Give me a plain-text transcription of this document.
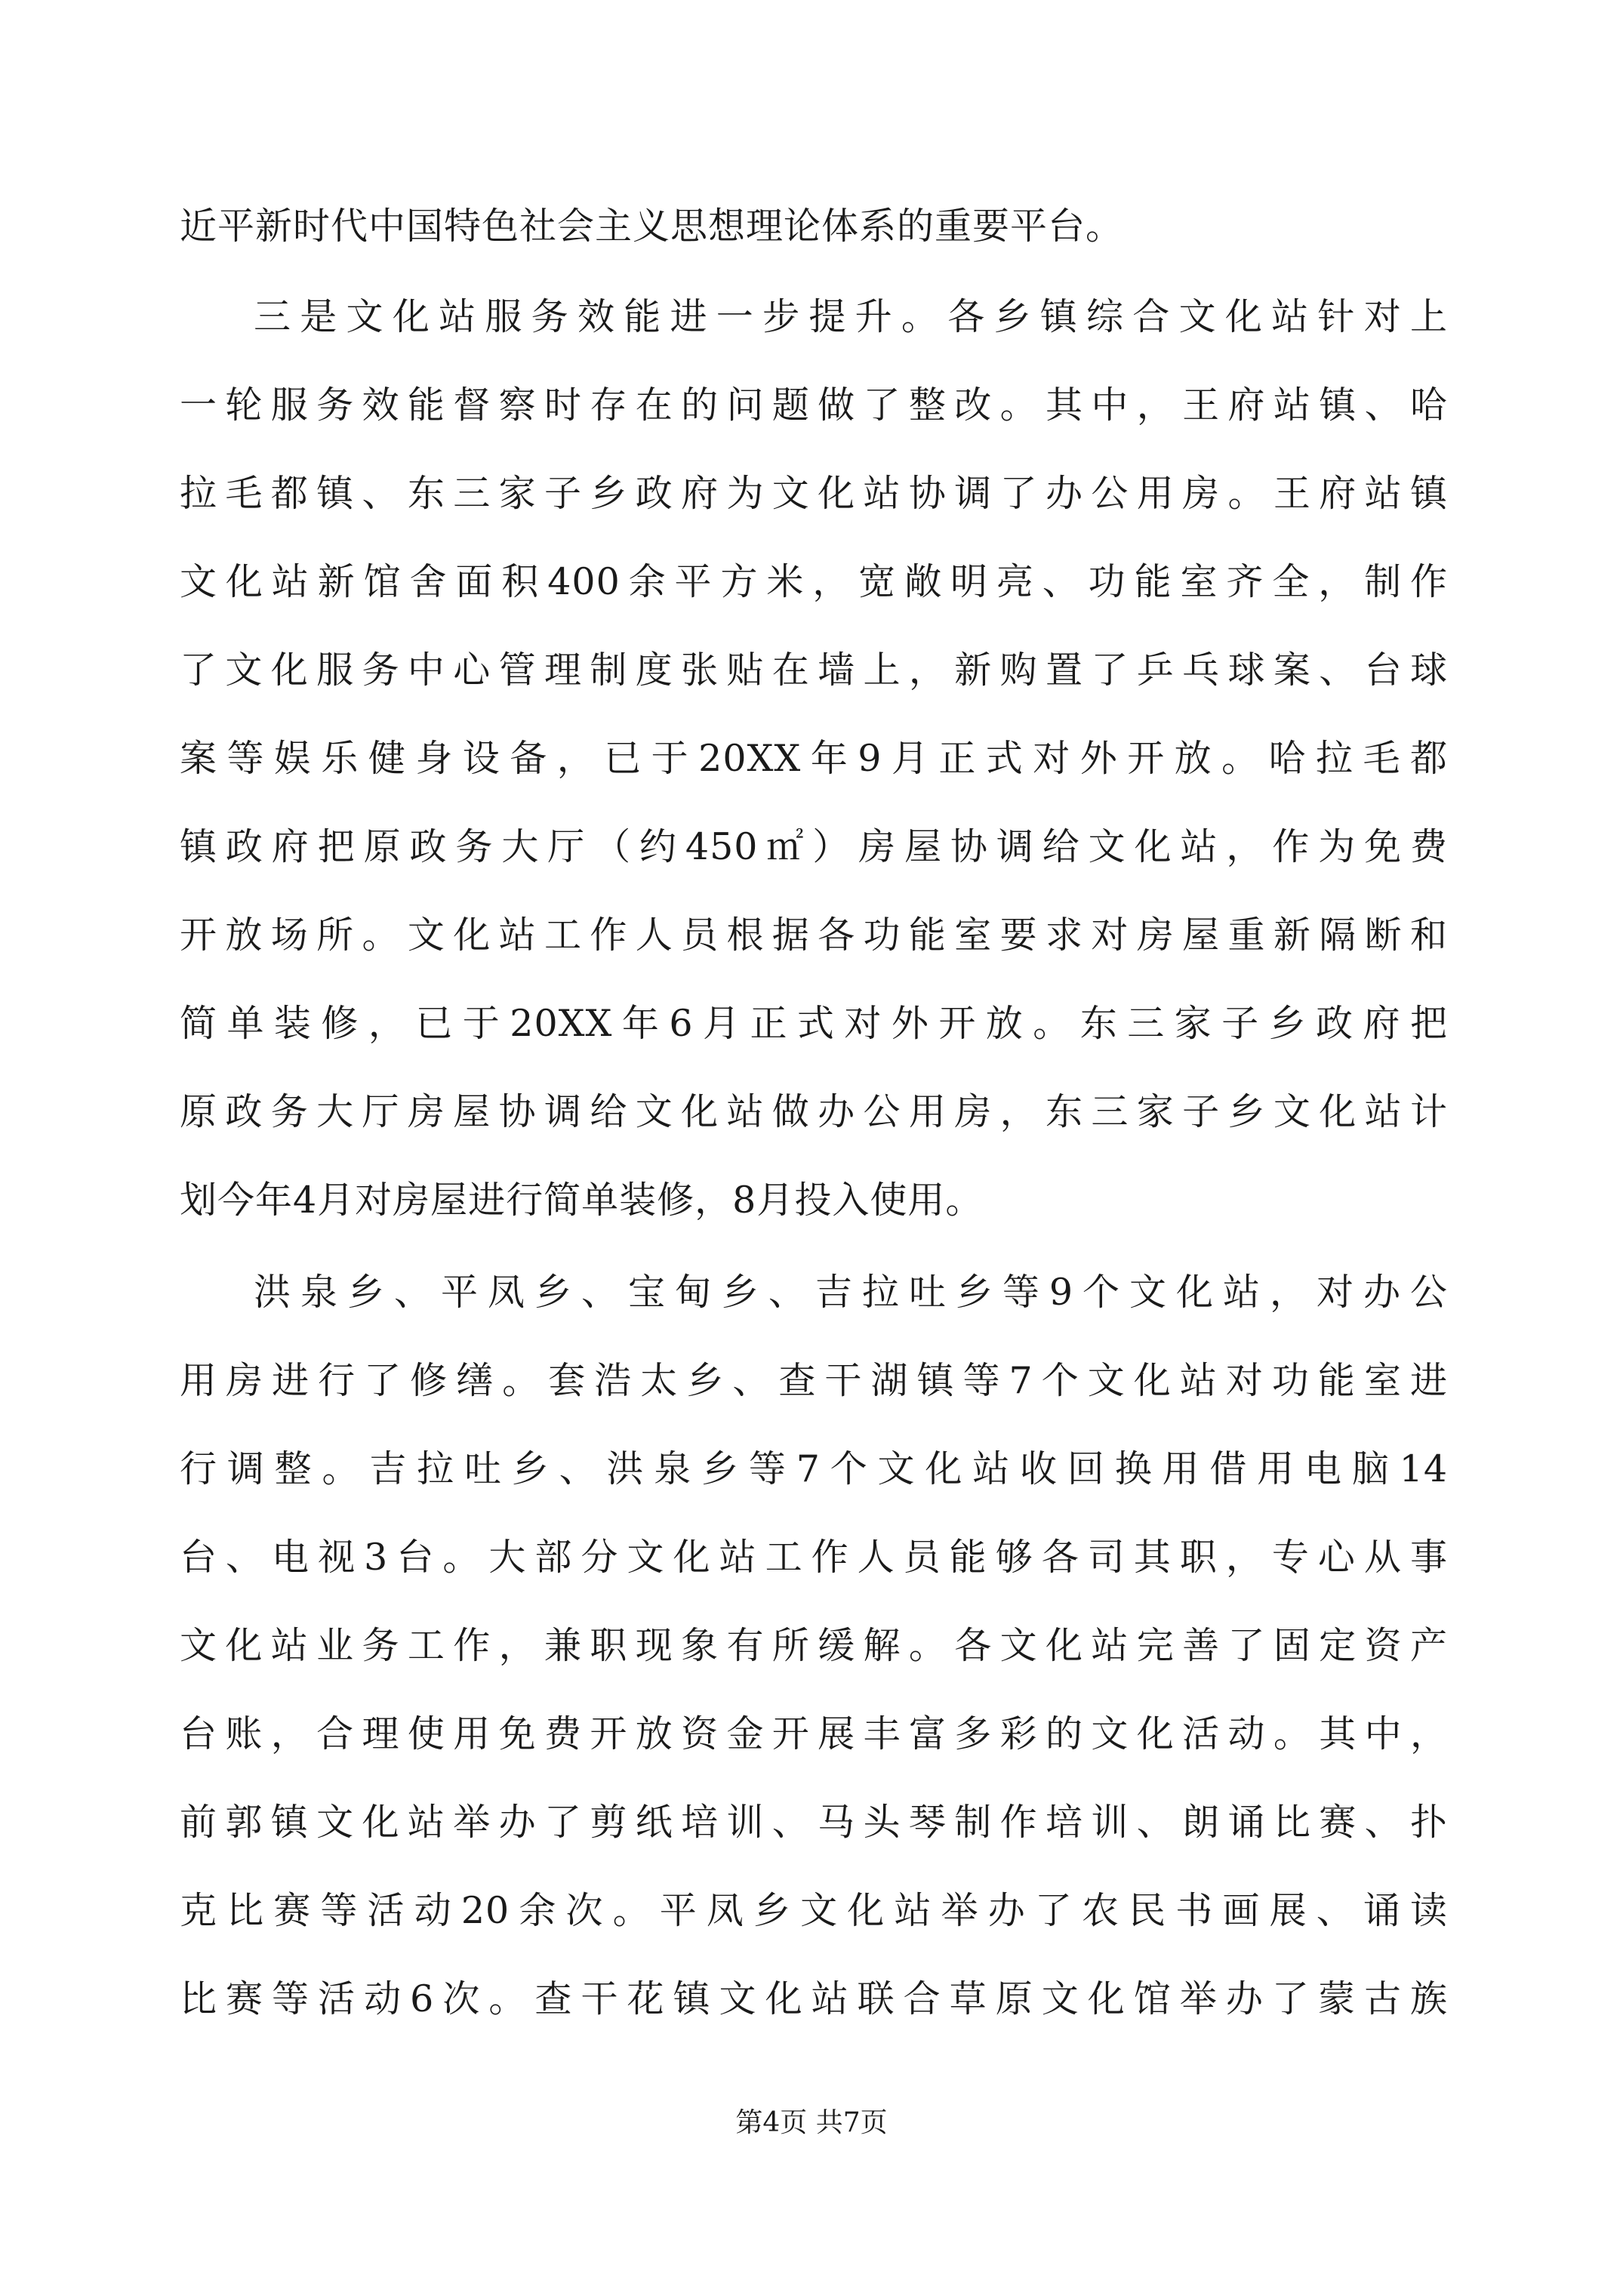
近平新时代中国特色社会主义思想理论体系的重要平台。
三是文化站服务效能进一步提升。各乡镇综合文化站针对上
一轮服务效能督察时存在的问题做了整改。其中，王府站镇、哈
拉毛都镇、东三家子乡政府为文化站协调了办公用房。王府站镇
文化站新馆舍面积400余平方米，宽敞明亮、功能室齐全，制作
了文化服务中心管理制度张贴在墙上，新购置了乒乓球案、台球
案等娱乐健身设备，已于20XX年9月正式对外开放。哈拉毛都
镇政府把原政务大厅（约450㎡）房屋协调给文化站，作为免费
开放场所。文化站工作人员根据各功能室要求对房屋重新隔断和
简单装修，已于20XX年6月正式对外开放。东三家子乡政府把
原政务大厅房屋协调给文化站做办公用房，东三家子乡文化站计
划今年4月对房屋进行简单装修，8月投入使用。
洪泉乡、平凤乡、宝甸乡、吉拉吐乡等9个文化站，对办公
用房进行了修缮。套浩太乡、查干湖镇等7个文化站对功能室进
行调整。吉拉吐乡、洪泉乡等7个文化站收回换用借用电脑14
台、电视3台。大部分文化站工作人员能够各司其职，专心从事
文化站业务工作，兼职现象有所缓解。各文化站完善了固定资产
台账，合理使用免费开放资金开展丰富多彩的文化活动。其中，
前郭镇文化站举办了剪纸培训、马头琴制作培训、朗诵比赛、扑
克比赛等活动20余次。平凤乡文化站举办了农民书画展、诵读
比赛等活动6次。查干花镇文化站联合草原文化馆举办了蒙古族
第4页 共7页
